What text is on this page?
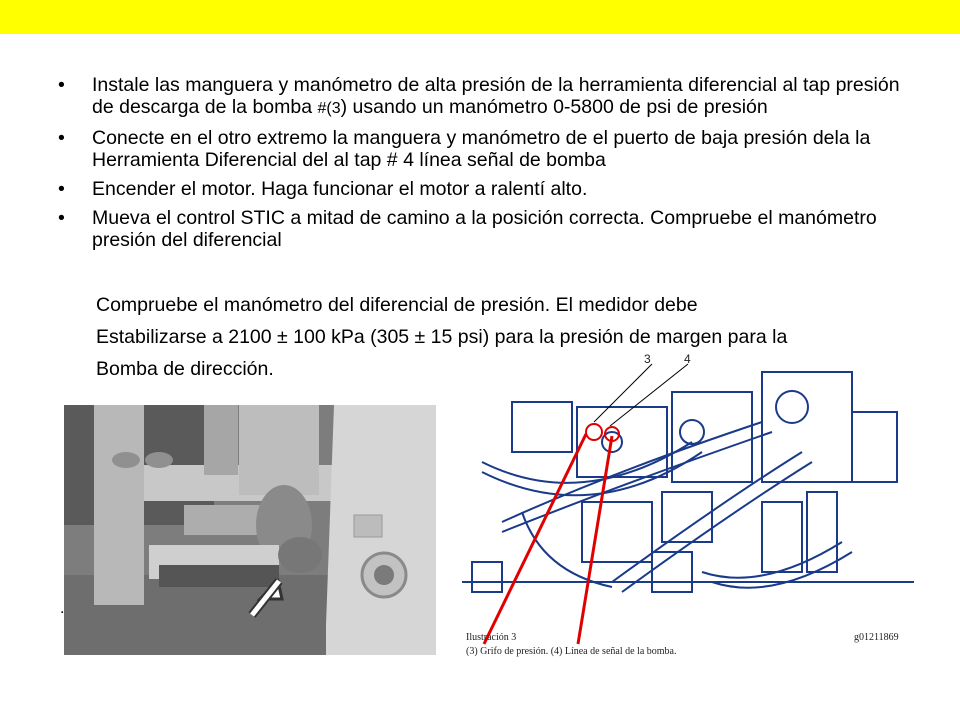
• Instale las manguera y manómetro de alta presión de la herramienta diferencial al tap presión de descarga de la bomba #(3) usando un manómetro 0-5800 de psi de presión
• Conecte en el otro extremo la manguera y manómetro de el puerto de baja presión dela la Herramienta Diferencial del al tap # 4 línea señal de bomba
• Encender el motor. Haga funcionar el motor a ralentí alto.
• Mueva el control STIC a mitad de camino a la posición correcta. Compruebe el manómetro presión del diferencial
Compruebe el manómetro del diferencial de presión. El medidor debe
Estabilizarse a 2100 ± 100 kPa (305 ± 15 psi) para la presión de margen para la
Bomba de dirección.
.
3	4
Ilustración 3	g01211869
(3) Grifo de presión. (4) Línea de señal de la bomba.
